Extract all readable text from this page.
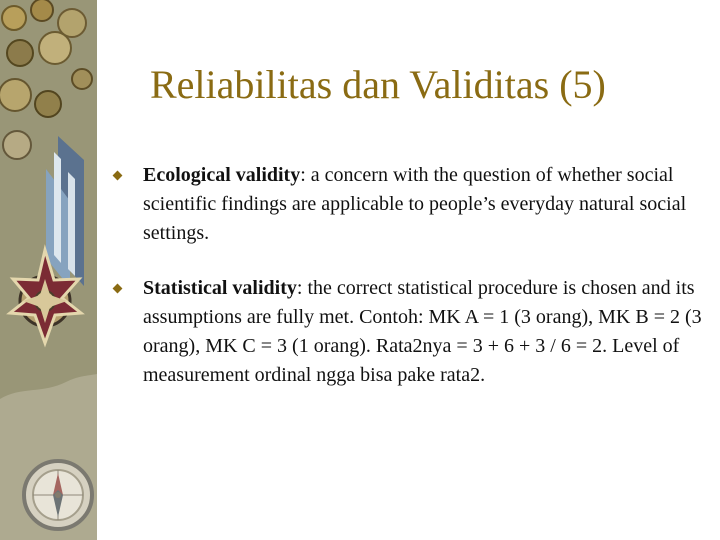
Reliabilitas dan Validitas (5)
Ecological validity: a concern with the question of whether social scientific findings are applicable to people’s everyday natural social settings.
Statistical validity: the correct statistical procedure is chosen and its assumptions are fully met. Contoh: MK A = 1 (3 orang), MK B = 2 (3 orang), MK C = 3 (1 orang). Rata2nya = 3 + 6 + 3 / 6 = 2. Level of measurement ordinal ngga bisa pake rata2.
